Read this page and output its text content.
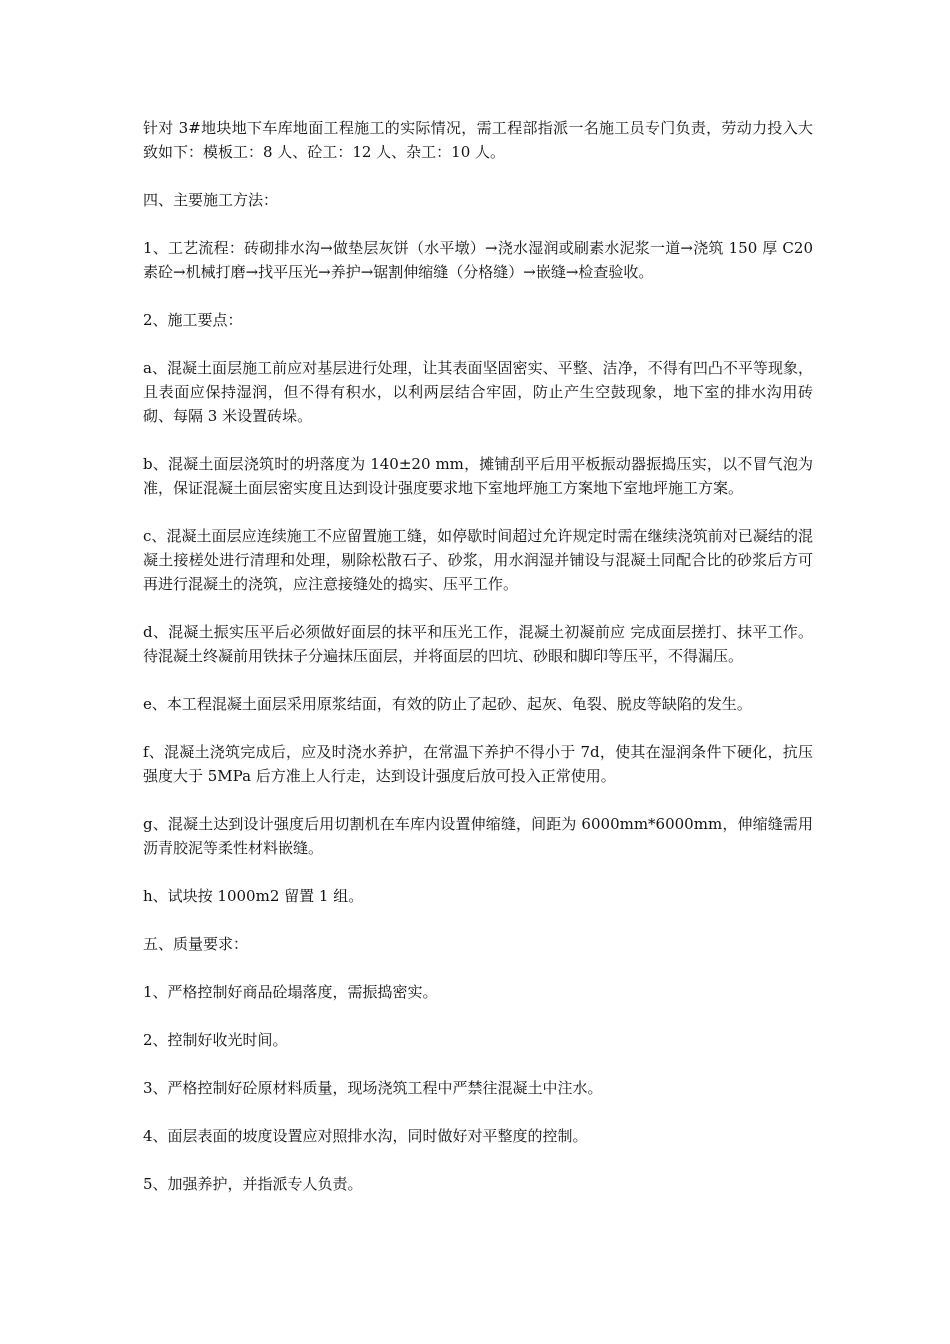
针对 3#地块地下车库地面工程施工的实际情况，需工程部指派一名施工员专门负责，劳动力投入大致如下：模板工：8 人、砼工：12 人、杂工：10 人。

四、主要施工方法：

1、工艺流程：砖砌排水沟→做垫层灰饼（水平墩）→浇水湿润或刷素水泥浆一道→浇筑 150 厚 C20 素砼→机械打磨→找平压光→养护→锯割伸缩缝（分格缝）→嵌缝→检查验收。

2、施工要点：

a、混凝土面层施工前应对基层进行处理，让其表面坚固密实、平整、洁净，不得有凹凸不平等现象，且表面应保持湿润，但不得有积水，以利两层结合牢固，防止产生空鼓现象，地下室的排水沟用砖砌、每隔 3 米设置砖垛。

b、混凝土面层浇筑时的坍落度为 140±20 mm，摊铺刮平后用平板振动器振捣压实，以不冒气泡为准，保证混凝土面层密实度且达到设计强度要求地下室地坪施工方案地下室地坪施工方案。

c、混凝土面层应连续施工不应留置施工缝，如停歇时间超过允许规定时需在继续浇筑前对已凝结的混凝土接槎处进行清理和处理，剔除松散石子、砂浆，用水润湿并铺设与混凝土同配合比的砂浆后方可再进行混凝土的浇筑，应注意接缝处的捣实、压平工作。

d、混凝土振实压平后必须做好面层的抹平和压光工作，混凝土初凝前应 完成面层搓打、抹平工作。待混凝土终凝前用铁抹子分遍抹压面层，并将面层的凹坑、砂眼和脚印等压平，不得漏压。

e、本工程混凝土面层采用原浆结面，有效的防止了起砂、起灰、龟裂、脱皮等缺陷的发生。

f、混凝土浇筑完成后，应及时浇水养护，在常温下养护不得小于 7d，使其在湿润条件下硬化，抗压强度大于 5MPa 后方准上人行走，达到设计强度后放可投入正常使用。

g、混凝土达到设计强度后用切割机在车库内设置伸缩缝，间距为 6000mm*6000mm，伸缩缝需用沥青胶泥等柔性材料嵌缝。

h、试块按 1000m2 留置 1 组。

五、质量要求：

1、严格控制好商品砼塌落度，需振捣密实。

2、控制好收光时间。

3、严格控制好砼原材料质量，现场浇筑工程中严禁往混凝土中注水。

4、面层表面的坡度设置应对照排水沟，同时做好对平整度的控制。

5、加强养护，并指派专人负责。
